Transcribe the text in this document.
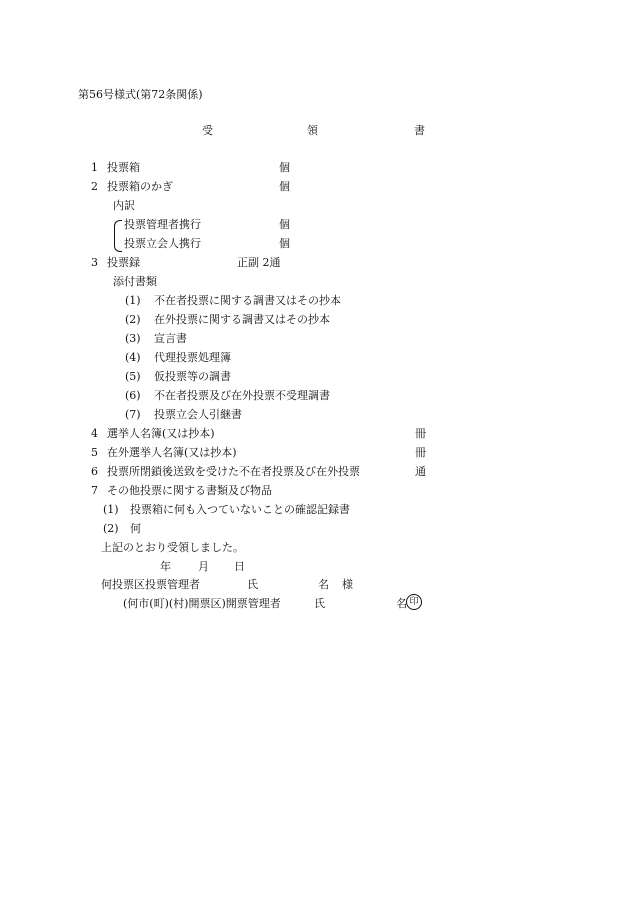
第56号様式(第72条関係)
受	領	書
1 投票箱	個
2 投票箱のかぎ	個
内訳
投票管理者携行	個
投票立会人携行	個
3 投票録	正副 2通
添付書類
(1) 不在者投票に関する調書又はその抄本
(2) 在外投票に関する調書又はその抄本
(3) 宣言書
(4) 代理投票処理簿
(5) 仮投票等の調書
(6) 不在者投票及び在外投票不受理調書
(7) 投票立会人引継書
4 選挙人名簿(又は抄本)	冊
5 在外選挙人名簿(又は抄本)	冊
6 投票所閉鎖後送致を受けた不在者投票及び在外投票	通
7 その他投票に関する書類及び物品
(1) 投票箱に何も入つていないことの確認記録書
(2) 何
上記のとおり受領しました。
年 月 日
何投票区投票管理者	氏	名 様
(何市(町)(村)開票区)開票管理者	氏	名 印
